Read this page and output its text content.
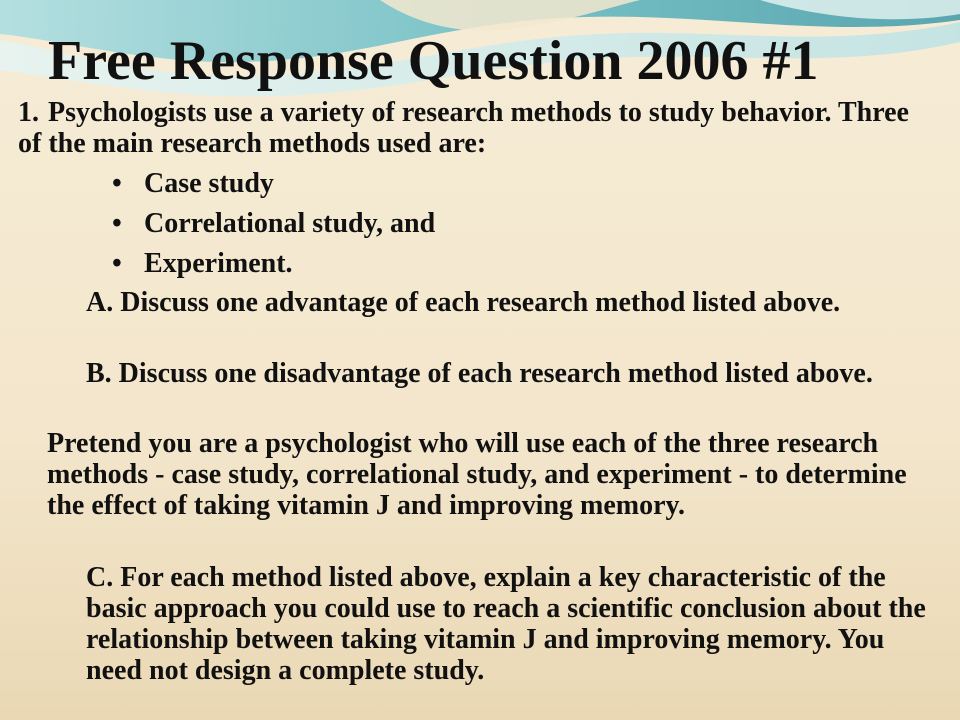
Free Response Question 2006 #1
1. Psychologists use a variety of research methods to study behavior. Three of the main research methods used are:
• Case study
• Correlational study, and
• Experiment.
A. Discuss one advantage of each research method listed above.
B. Discuss one disadvantage of each research method listed above.
Pretend you are a psychologist who will use each of the three research methods - case study, correlational study, and experiment - to determine the effect of taking vitamin J and improving memory.
C. For each method listed above, explain a key characteristic of the basic approach you could use to reach a scientific conclusion about the relationship between taking vitamin J and improving memory. You need not design a complete study.
